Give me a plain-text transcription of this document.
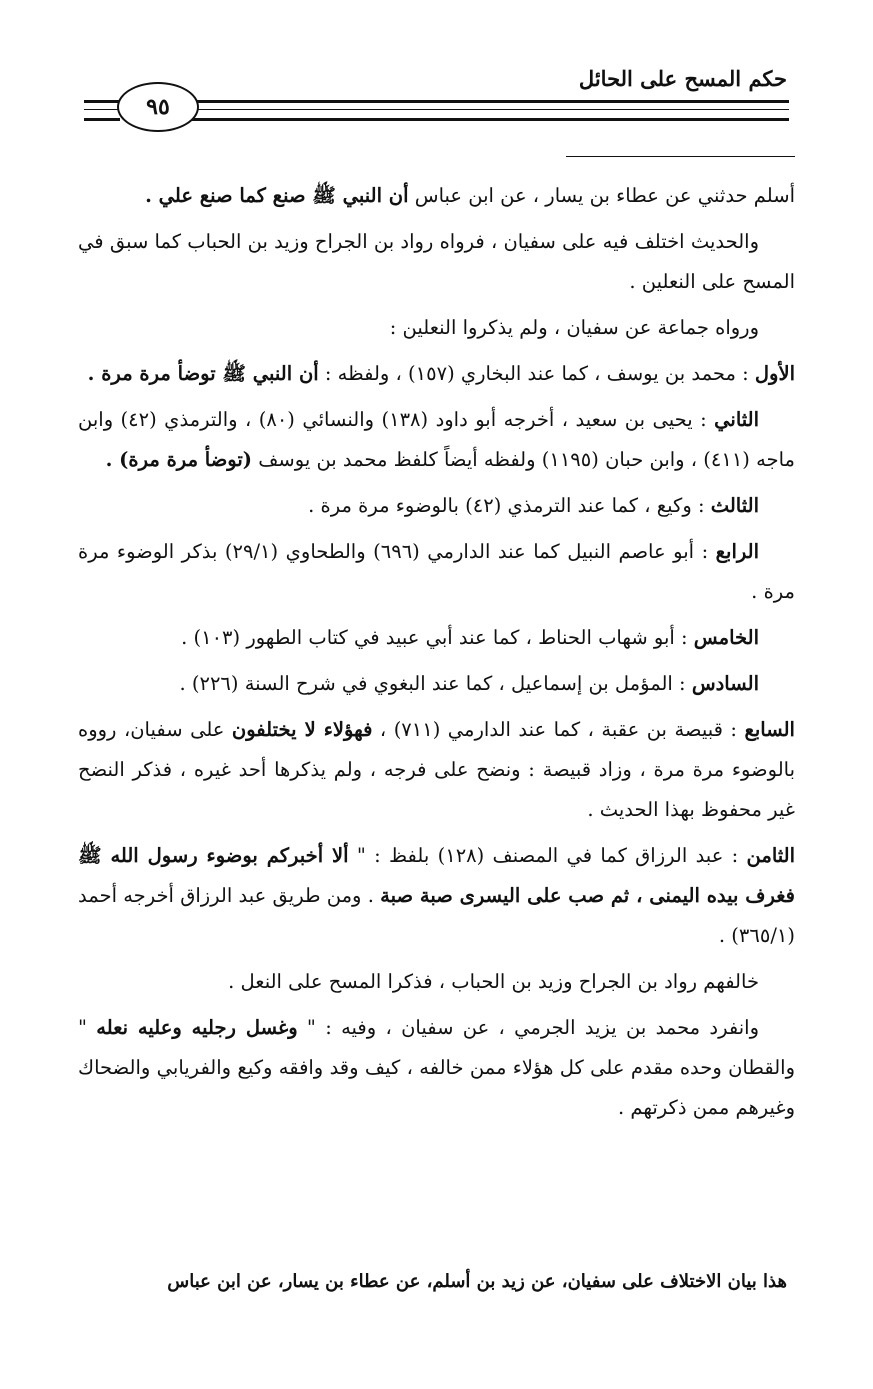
حكم المسح على الحائل
٩٥

أسلم حدثني عن عطاء بن يسار ، عن ابن عباس أن النبي ﷺ صنع كما صنع علي .

والحديث اختلف فيه على سفيان ، فرواه رواد بن الجراح وزيد بن الحباب كما سبق في المسح على النعلين .

ورواه جماعة عن سفيان ، ولم يذكروا النعلين :

الأول : محمد بن يوسف ، كما عند البخاري (١٥٧) ، ولفظه : أن النبي ﷺ توضأ مرة مرة .

الثاني : يحيى بن سعيد ، أخرجه أبو داود (١٣٨) والنسائي (٨٠) ، والترمذي (٤٢) وابن ماجه (٤١١) ، وابن حبان (١١٩٥) ولفظه أيضاً كلفظ محمد بن يوسف (توضأ مرة مرة) .

الثالث : وكيع ، كما عند الترمذي (٤٢) بالوضوء مرة مرة .

الرابع : أبو عاصم النبيل كما عند الدارمي (٦٩٦) والطحاوي (٢٩/١) بذكر الوضوء مرة مرة .

الخامس : أبو شهاب الحناط ، كما عند أبي عبيد في كتاب الطهور (١٠٣) .

السادس : المؤمل بن إسماعيل ، كما عند البغوي في شرح السنة (٢٢٦) .

السابع : قبيصة بن عقبة ، كما عند الدارمي (٧١١) ، فهؤلاء لا يختلفون على سفيان، رووه بالوضوء مرة مرة ، وزاد قبيصة : ونضح على فرجه ، ولم يذكرها أحد غيره ، فذكر النضح غير محفوظ بهذا الحديث .

الثامن : عبد الرزاق كما في المصنف (١٢٨) بلفظ : " ألا أخبركم بوضوء رسول الله ﷺ فغرف بيده اليمنى ، ثم صب على اليسرى صبة صبة . ومن طريق عبد الرزاق أخرجه أحمد (٣٦٥/١) .

خالفهم رواد بن الجراح وزيد بن الحباب ، فذكرا المسح على النعل .

وانفرد محمد بن يزيد الجرمي ، عن سفيان ، وفيه : " وغسل رجليه وعليه نعله " والقطان وحده مقدم على كل هؤلاء ممن خالفه ، كيف وقد وافقه وكيع والفريابي والضحاك وغيرهم ممن ذكرتهم .

هذا بيان الاختلاف على سفيان، عن زيد بن أسلم، عن عطاء بن يسار، عن ابن عباس
